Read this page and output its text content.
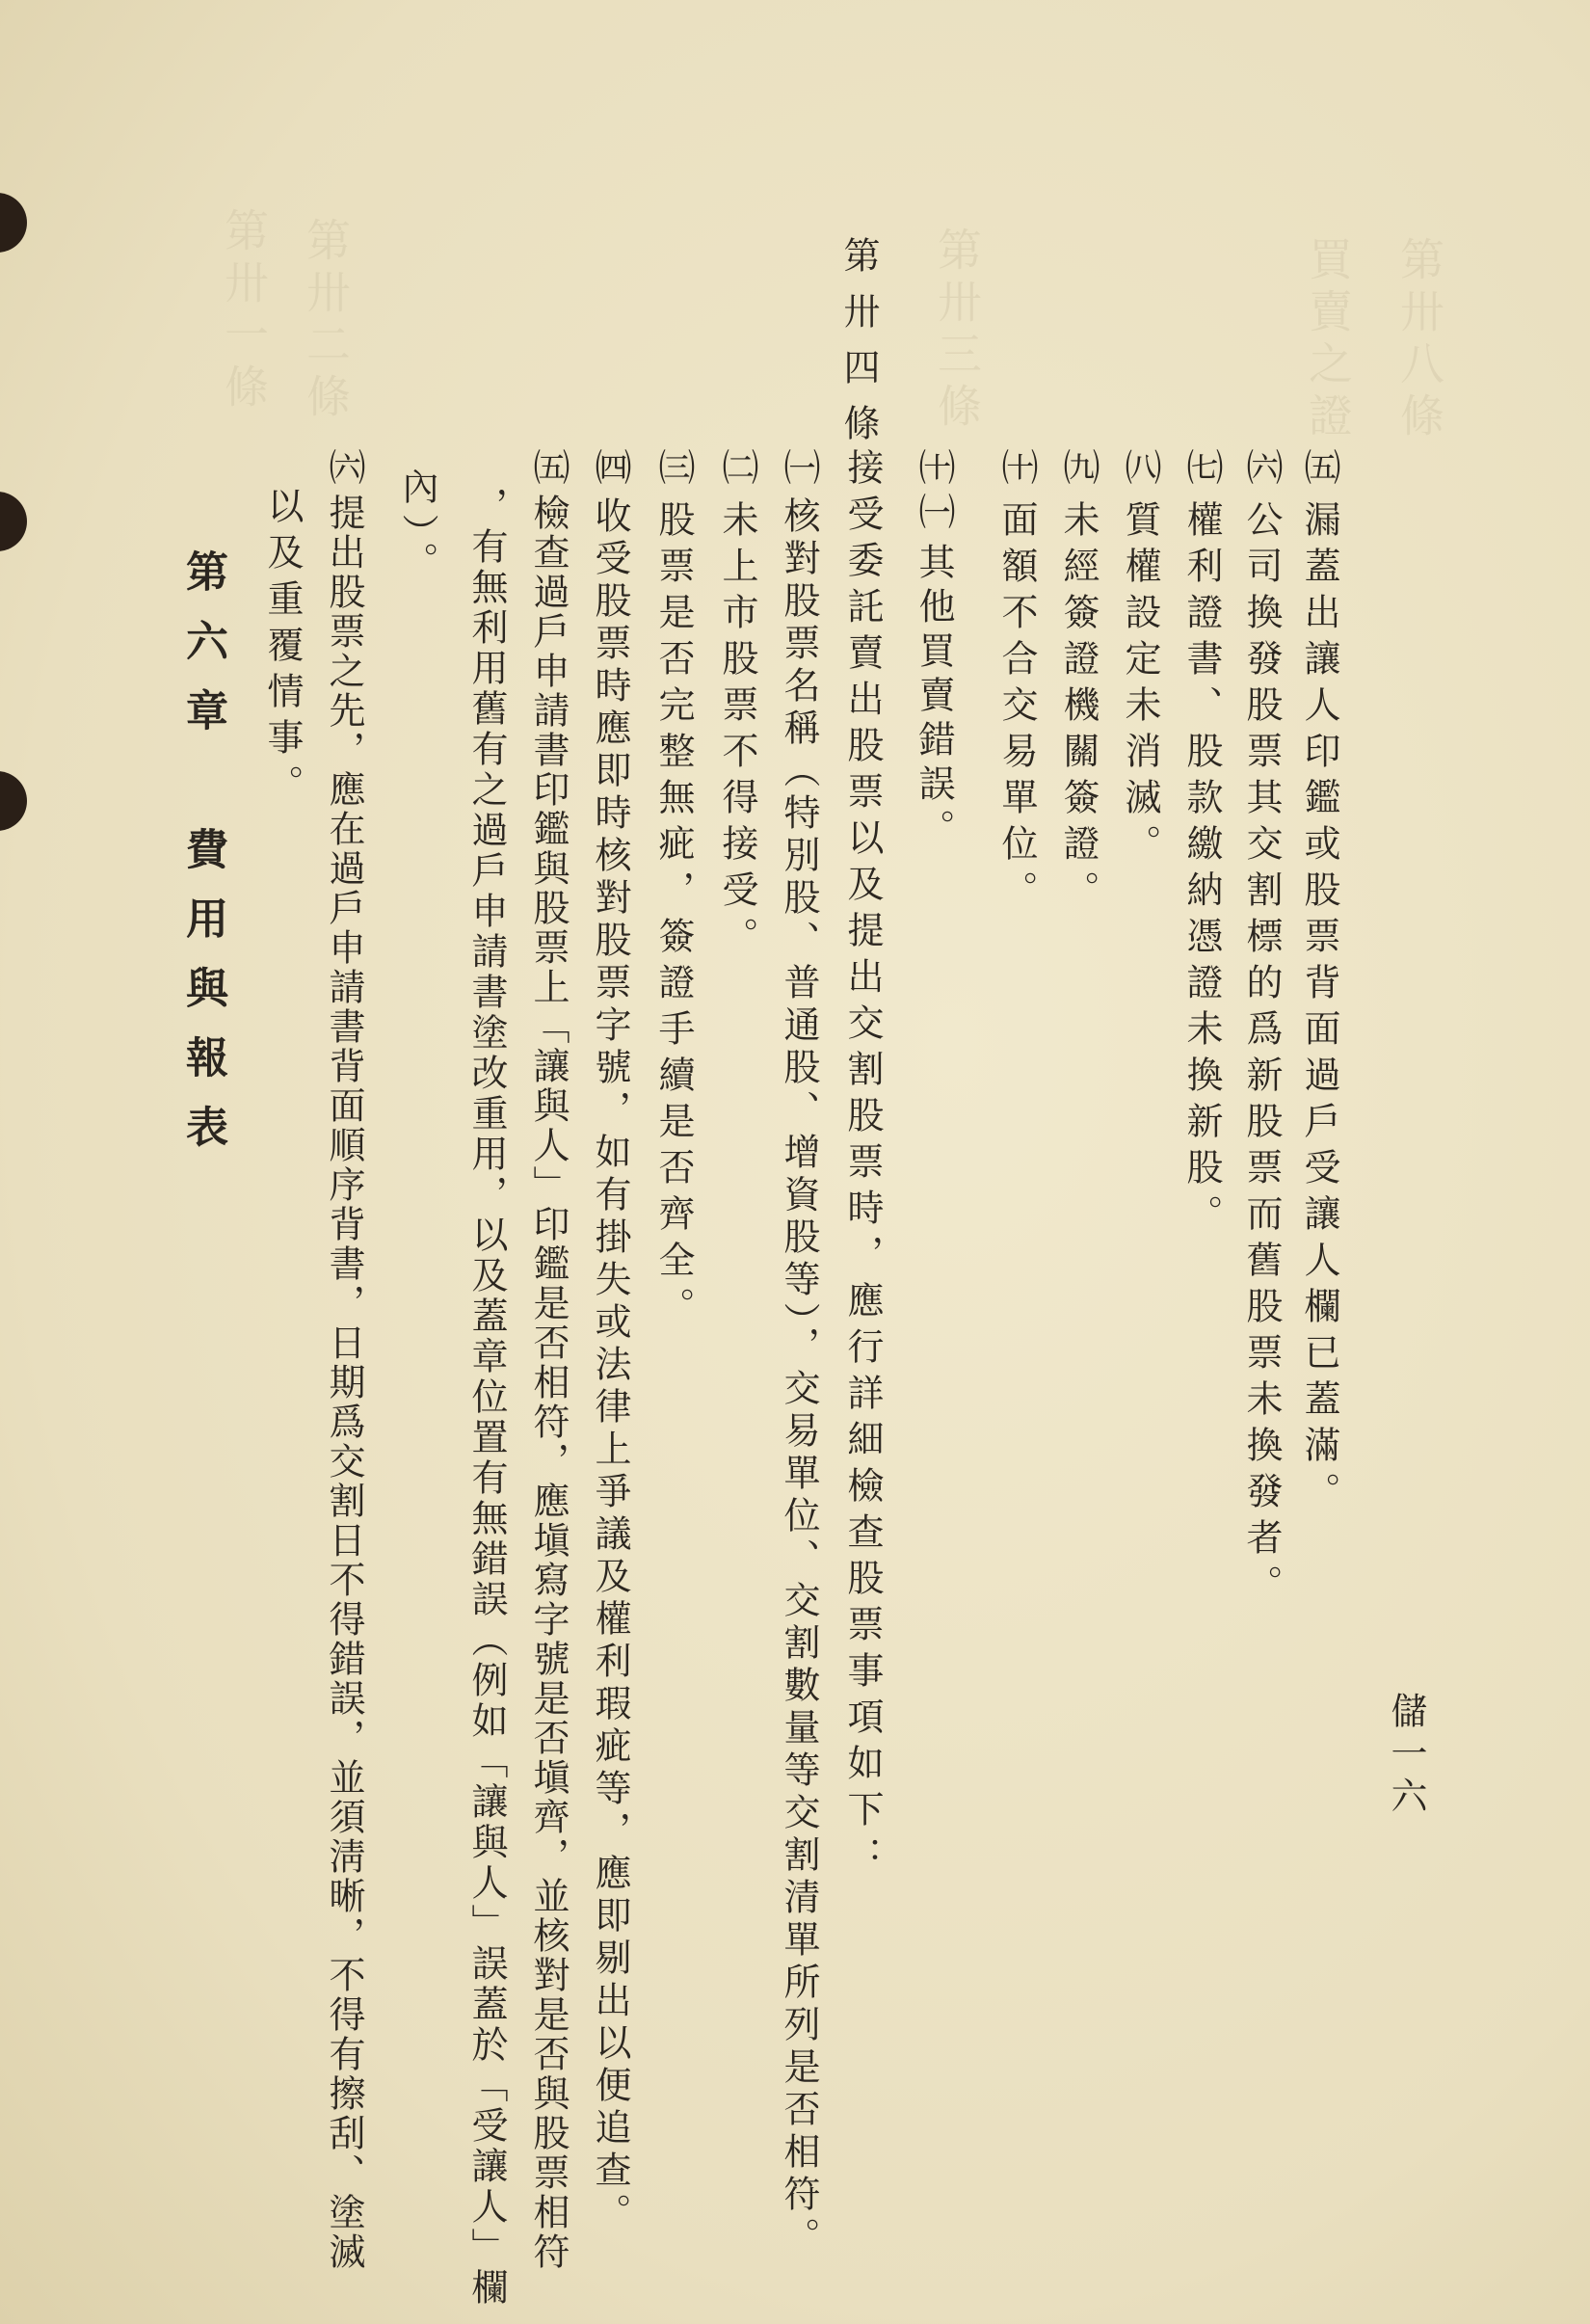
第卅八條
第卅三條
第卅二條
第卅一條	買賣之證
儲一六
第卅四條
㈤漏蓋出讓人印鑑或股票背面過戶受讓人欄已蓋滿。
㈥公司換發股票其交割標的爲新股票而舊股票未換發者。
㈦權利證書、股款繳納憑證未換新股。
㈧質權設定未消滅。
㈨未經簽證機關簽證。
㈩面額不合交易單位。
㈩㈠其他買賣錯誤。
接受委託賣出股票以及提出交割股票時，應行詳細檢查股票事項如下：
㈠核對股票名稱（特別股、普通股、增資股等），交易單位、交割數量等交割清單所列是否相符。
㈡未上市股票不得接受。
㈢股票是否完整無疵，簽證手續是否齊全。
㈣收受股票時應即時核對股票字號，如有掛失或法律上爭議及權利瑕疵等，應即剔出以便追查。
㈤檢查過戶申請書印鑑與股票上「讓與人」印鑑是否相符，應塡寫字號是否塡齊，並核對是否與股票相符
，有無利用舊有之過戶申請書塗改重用，以及蓋章位置有無錯誤（例如「讓與人」誤蓋於「受讓人」欄
內）。
㈥提出股票之先，應在過戶申請書背面順序背書，日期爲交割日不得錯誤，並須淸晰，不得有擦刮、塗滅
以及重覆情事。
第六章　費用與報表
